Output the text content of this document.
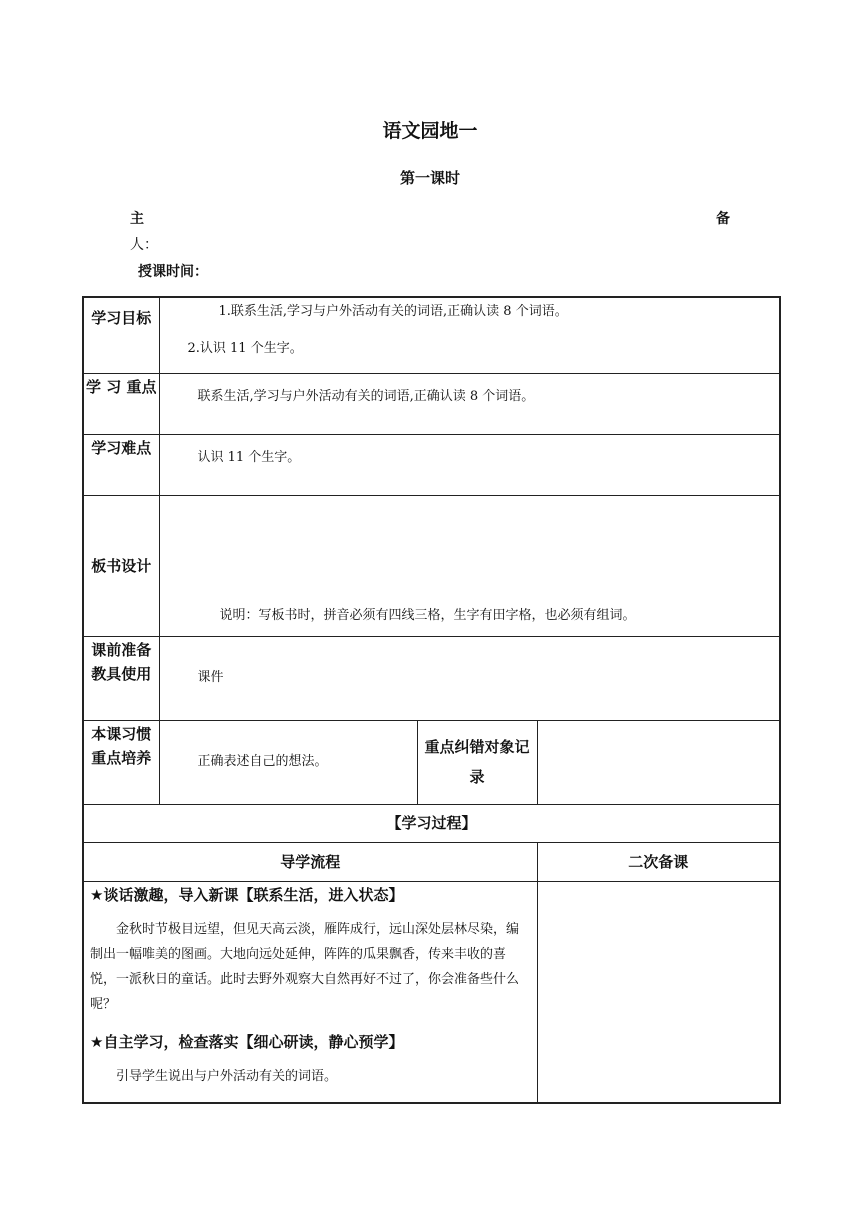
语文园地一
第一课时
主
人：
备
授课时间：
学习目标	1.联系生活,学习与户外活动有关的词语,正确认读 8 个词语。
2.认识 11 个生字。		

学 习 重点	联系生活,学习与户外活动有关的词语,正确认读 8 个词语。		
学习难点	认识 11 个生字。		
板书设计	说明：写板书时，拼音必须有四线三格，生字有田字格，也必须有组词。		
课前准备教具使用	课件		
本课习惯重点培养	正确表述自己的想法。	重点纠错对象记录	
【学习过程】			
导学流程			二次备课

★谈话激趣，导入新课【联系生活，进入状态】

金秋时节极目远望，但见天高云淡，雁阵成行，远山深处层林尽染，编制出一幅唯美的图画。大地向远处延伸，阵阵的瓜果飘香，传来丰收的喜悦，一派秋日的童话。此时去野外观察大自然再好不过了，你会准备些什么呢？

★自主学习，检查落实【细心研读，静心预学】

引导学生说出与户外活动有关的词语。			
